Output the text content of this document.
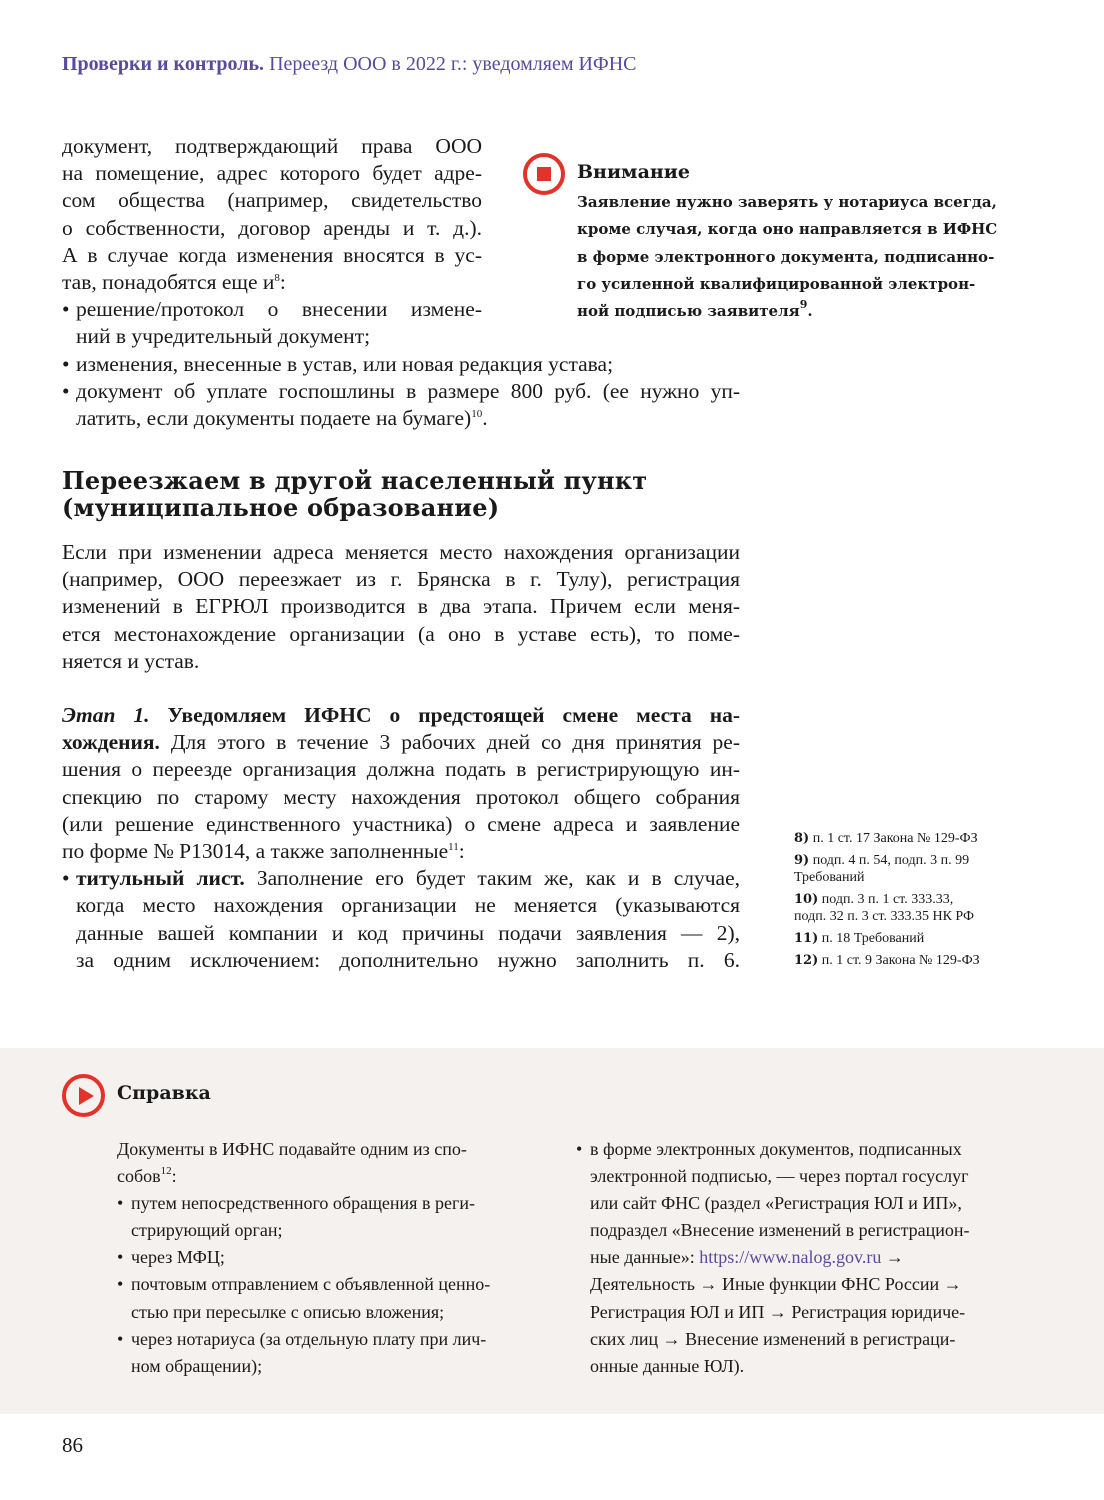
Проверки и контроль. Переезд ООО в 2022 г.: уведомляем ИФНС
документ, подтверждающий права ООО
на помещение, адрес которого будет адре-
сом общества (например, свидетельство
о собственности, договор аренды и т. д.).
А в случае когда изменения вносятся в ус-
тав, понадобятся еще $и^8$:
• решение/протокол о внесении измене-
ний в учредительный документ;
• изменения, внесенные в устав, или новая редакция устава;
• документ об уплате госпошлины в размере 800 руб. (ее нужно уп-
латить, если документы подаете на бумаге)$^{10}$.
Внимание
Заявление нужно заверять у нотариуса всегда,
кроме случая, когда оно направляется в ИФНС
в форме электронного документа, подписанно-
го усиленной квалифицированной электрон-
ной подписью заявителя$^9$.
Переезжаем в другой населенный пункт
(муниципальное образование)
Если при изменении адреса меняется место нахождения организации
(например, ООО переезжает из г. Брянска в г. Тулу), регистрация
изменений в ЕГРЮЛ производится в два этапа. Причем если меня-
ется местонахождение организации (а оно в уставе есть), то поме-
няется и устав.
Этап 1. Уведомляем ИФНС о предстоящей смене места на-
хождения. Для этого в течение 3 рабочих дней со дня принятия ре-
шения о переезде организация должна подать в регистрирующую ин-
спекцию по старому месту нахождения протокол общего собрания
(или решение единственного участника) о смене адреса и заявление
по форме № Р13014, а также заполненные$^{11}$:
• титульный лист. Заполнение его будет таким же, как и в случае,
когда место нахождения организации не меняется (указываются
данные вашей компании и код причины подачи заявления — 2),
за одним исключением: дополнительно нужно заполнить п. 6.
8) п. 1 ст. 17 Закона № 129-ФЗ
9) подп. 4 п. 54, подп. 3 п. 99
Требований
10) подп. 3 п. 1 ст. 333.33,
подп. 32 п. 3 ст. 333.35 НК РФ
11) п. 18 Требований
12) п. 1 ст. 9 Закона № 129-ФЗ
Справка
Документы в ИФНС подавайте одним из спо-
собов$^{12}$:
• путем непосредственного обращения в реги-
стрирующий орган;
• через МФЦ;
• почтовым отправлением с объявленной ценно-
стью при пересылке с описью вложения;
• через нотариуса (за отдельную плату при лич-
ном обращении);
• в форме электронных документов, подписанных
электронной подписью, — через портал госуслуг
или сайт ФНС (раздел «Регистрация ЮЛ и ИП»,
подраздел «Внесение изменений в регистрацион-
ные данные»: https://www.nalog.gov.ru →
Деятельность → Иные функции ФНС России →
Регистрация ЮЛ и ИП → Регистрация юридиче-
ских лиц → Внесение изменений в регистраци-
онные данные ЮЛ).
86
